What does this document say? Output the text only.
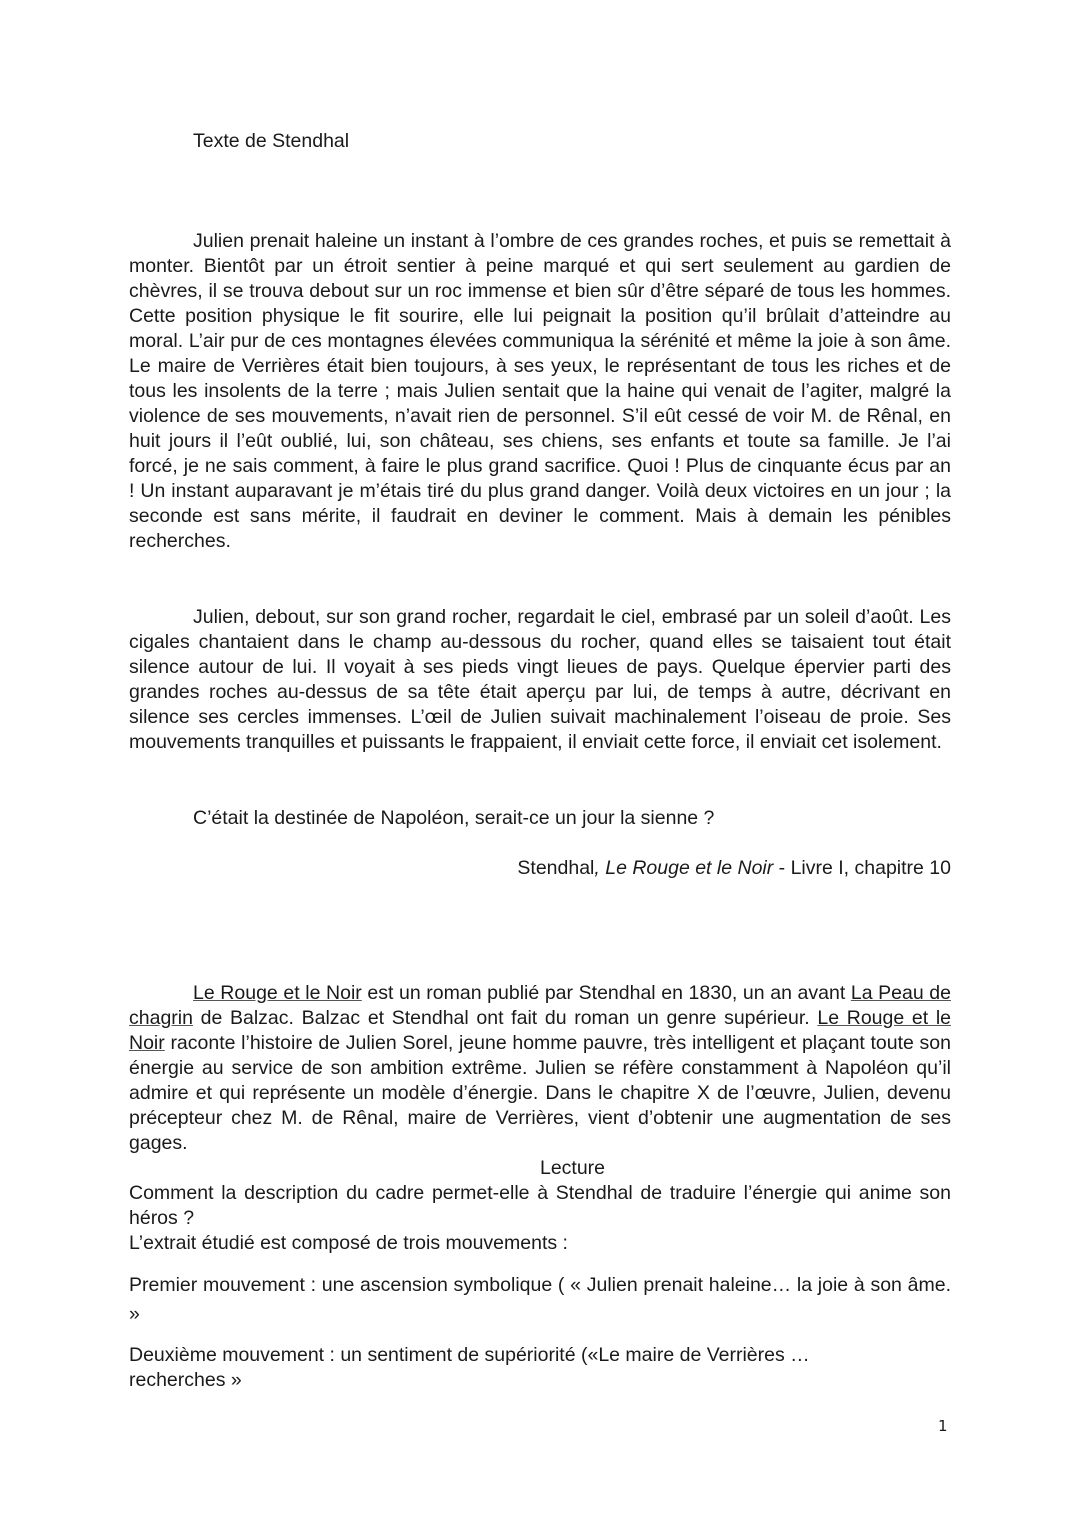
Texte de Stendhal

Julien prenait haleine un instant à l’ombre de ces grandes roches, et puis se remettait à monter. Bientôt par un étroit sentier à peine marqué et qui sert seulement au gardien de chèvres, il se trouva debout sur un roc immense et bien sûr d’être séparé de tous les hommes. Cette position physique le fit sourire, elle lui peignait la position qu’il brûlait d’atteindre au moral. L’air pur de ces montagnes élevées communiqua la sérénité et même la joie à son âme. Le maire de Verrières était bien toujours, à ses yeux, le représentant de tous les riches et de tous les insolents de la terre ; mais Julien sentait que la haine qui venait de l’agiter, malgré la violence de ses mouvements, n’avait rien de personnel. S’il eût cessé de voir M. de Rênal, en huit jours il l’eût oublié, lui, son château, ses chiens, ses enfants et toute sa famille. Je l’ai forcé, je ne sais comment, à faire le plus grand sacrifice. Quoi ! Plus de cinquante écus par an ! Un instant auparavant je m’étais tiré du plus grand danger. Voilà deux victoires en un jour ; la seconde est sans mérite, il faudrait en deviner le comment. Mais à demain les pénibles recherches.

Julien, debout, sur son grand rocher, regardait le ciel, embrasé par un soleil d’août. Les cigales chantaient dans le champ au-dessous du rocher, quand elles se taisaient tout était silence autour de lui. Il voyait à ses pieds vingt lieues de pays. Quelque épervier parti des grandes roches au-dessus de sa tête était aperçu par lui, de temps à autre, décrivant en silence ses cercles immenses. L’œil de Julien suivait machinalement l’oiseau de proie. Ses mouvements tranquilles et puissants le frappaient, il enviait cette force, il enviait cet isolement.

C’était la destinée de Napoléon, serait-ce un jour la sienne ?
Stendhal, Le Rouge et le Noir - Livre I, chapitre 10

Le Rouge et le Noir est un roman publié par Stendhal en 1830, un an avant La Peau de chagrin de Balzac. Balzac et Stendhal ont fait du roman un genre supérieur. Le Rouge et le Noir raconte l’histoire de Julien Sorel, jeune homme pauvre, très intelligent et plaçant toute son énergie au service de son ambition extrême. Julien se réfère constamment à Napoléon qu’il admire et qui représente un modèle d’énergie. Dans le chapitre X de l’œuvre, Julien, devenu précepteur chez M. de Rênal, maire de Verrières, vient d’obtenir une augmentation de ses gages.

Lecture

Comment la description du cadre permet-elle à Stendhal de traduire l’énergie qui anime son héros ?

L’extrait étudié est composé de trois mouvements :

Premier mouvement : une ascension symbolique ( « Julien prenait haleine… la joie à son âme. »

Deuxième mouvement : un sentiment de supériorité («Le maire de Verrières … recherches »

1
